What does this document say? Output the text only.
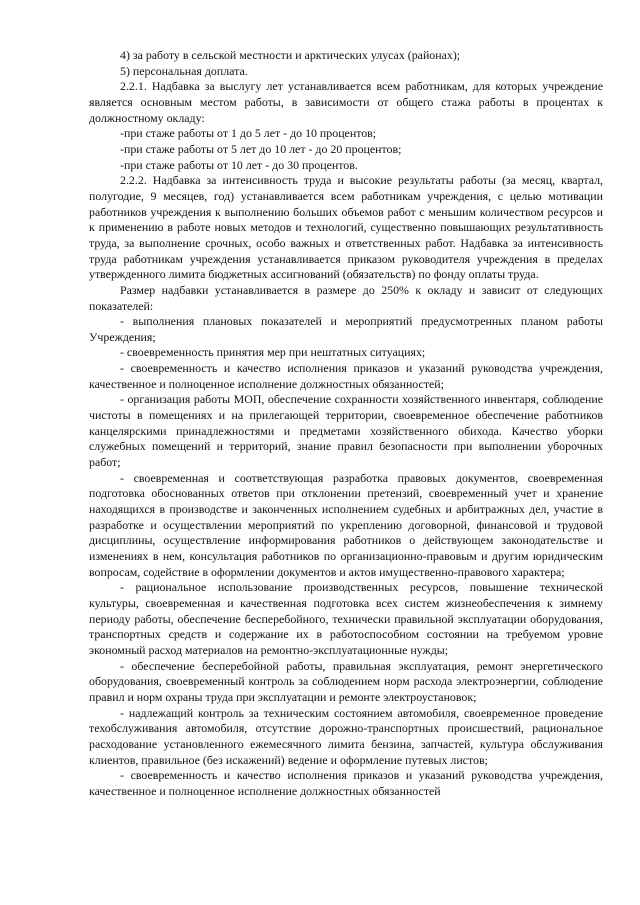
4) за работу в сельской местности и арктических улусах (районах);

5) персональная доплата.

2.2.1. Надбавка за выслугу лет устанавливается всем работникам, для которых учреждение является основным местом работы, в зависимости от общего стажа работы в процентах к должностному окладу:

-при стаже работы от 1 до 5 лет - до 10 процентов;

-при стаже работы от 5 лет до 10 лет - до 20 процентов;

-при стаже работы от 10 лет - до 30 процентов.

2.2.2. Надбавка за интенсивность труда и высокие результаты работы (за месяц, квартал, полугодие, 9 месяцев, год) устанавливается всем работникам учреждения, с целью мотивации работников учреждения к выполнению больших объемов работ с меньшим количеством ресурсов и к применению в работе новых методов и технологий, существенно повышающих результативность труда, за выполнение срочных, особо важных и ответственных работ. Надбавка за интенсивность труда работникам учреждения устанавливается приказом руководителя учреждения в пределах утвержденного лимита бюджетных ассигнований (обязательств) по фонду оплаты труда.

Размер надбавки устанавливается в размере до 250% к окладу и зависит от следующих показателей:

- выполнения плановых показателей и мероприятий предусмотренных планом работы Учреждения;

- своевременность принятия мер при нештатных ситуациях;

- своевременность и качество исполнения приказов и указаний руководства учреждения, качественное и полноценное исполнение должностных обязанностей;

- организация работы МОП, обеспечение сохранности хозяйственного инвентаря, соблюдение чистоты в помещениях и на прилегающей территории, своевременное обеспечение работников канцелярскими принадлежностями и предметами хозяйственного обихода. Качество уборки служебных помещений и территорий, знание правил безопасности при выполнении уборочных работ;

- своевременная и соответствующая разработка правовых документов, своевременная подготовка обоснованных ответов при отклонении претензий, своевременный учет и хранение находящихся в производстве и законченных исполнением судебных и арбитражных дел, участие в разработке и осуществлении мероприятий по укреплению договорной, финансовой и трудовой дисциплины, осуществление информирования работников о действующем законодательстве и изменениях в нем, консультация работников по организационно-правовым и другим юридическим вопросам, содействие в оформлении документов и актов имущественно-правового характера;

- рациональное использование производственных ресурсов, повышение технической культуры, своевременная и качественная подготовка всех систем жизнеобеспечения к зимнему периоду работы, обеспечение бесперебойного, технически правильной эксплуатации оборудования, транспортных средств и содержание их в работоспособном состоянии на требуемом уровне экономный расход материалов на ремонтно-эксплуатационные нужды;

- обеспечение бесперебойной работы, правильная эксплуатация, ремонт энергетического оборудования, своевременный контроль за соблюдением норм расхода электроэнергии, соблюдение правил и норм охраны труда при эксплуатации и ремонте электроустановок;

- надлежащий контроль за техническим состоянием автомобиля, своевременное проведение техобслуживания автомобиля, отсутствие дорожно-транспортных происшествий, рациональное расходование установленного ежемесячного лимита бензина, запчастей, культура обслуживания клиентов, правильное (без искажений) ведение и оформление путевых листов;

- своевременность и качество исполнения приказов и указаний руководства учреждения, качественное и полноценное исполнение должностных обязанностей
